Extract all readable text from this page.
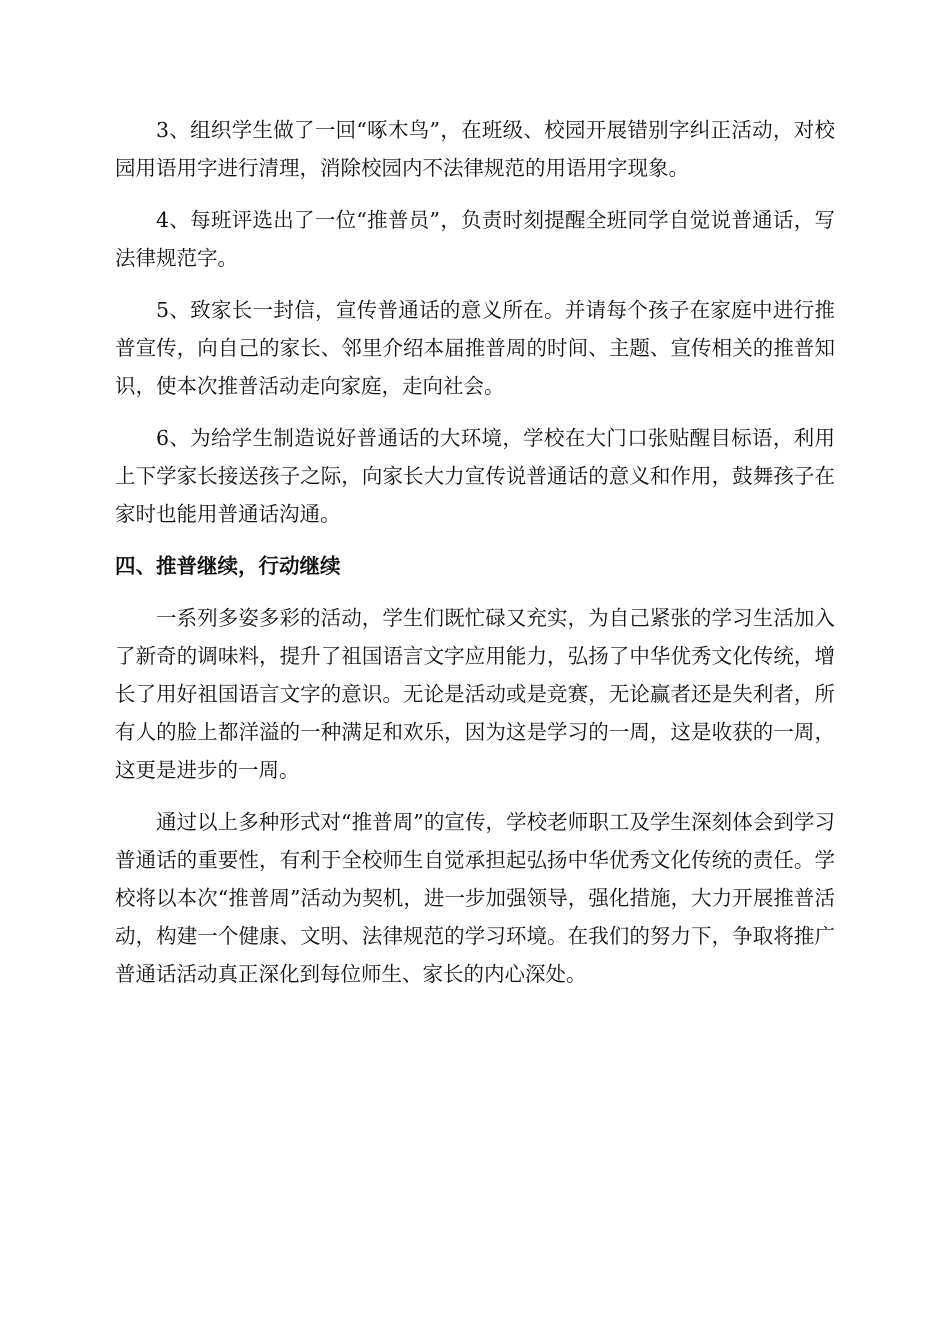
3、组织学生做了一回“啄木鸟”，在班级、校园开展错别字纠正活动，对校园用语用字进行清理，消除校园内不法律规范的用语用字现象。

4、每班评选出了一位“推普员”，负责时刻提醒全班同学自觉说普通话，写法律规范字。

5、致家长一封信，宣传普通话的意义所在。并请每个孩子在家庭中进行推普宣传，向自己的家长、邻里介绍本届推普周的时间、主题、宣传相关的推普知识，使本次推普活动走向家庭，走向社会。

6、为给学生制造说好普通话的大环境，学校在大门口张贴醒目标语，利用上下学家长接送孩子之际，向家长大力宣传说普通话的意义和作用，鼓舞孩子在家时也能用普通话沟通。

四、推普继续，行动继续

一系列多姿多彩的活动，学生们既忙碌又充实，为自己紧张的学习生活加入了新奇的调味料，提升了祖国语言文字应用能力，弘扬了中华优秀文化传统，增长了用好祖国语言文字的意识。无论是活动或是竞赛，无论赢者还是失利者，所有人的脸上都洋溢的一种满足和欢乐，因为这是学习的一周，这是收获的一周，这更是进步的一周。

通过以上多种形式对“推普周”的宣传，学校老师职工及学生深刻体会到学习普通话的重要性，有利于全校师生自觉承担起弘扬中华优秀文化传统的责任。学校将以本次“推普周”活动为契机，进一步加强领导，强化措施，大力开展推普活动，构建一个健康、文明、法律规范的学习环境。在我们的努力下，争取将推广普通话活动真正深化到每位师生、家长的内心深处。
